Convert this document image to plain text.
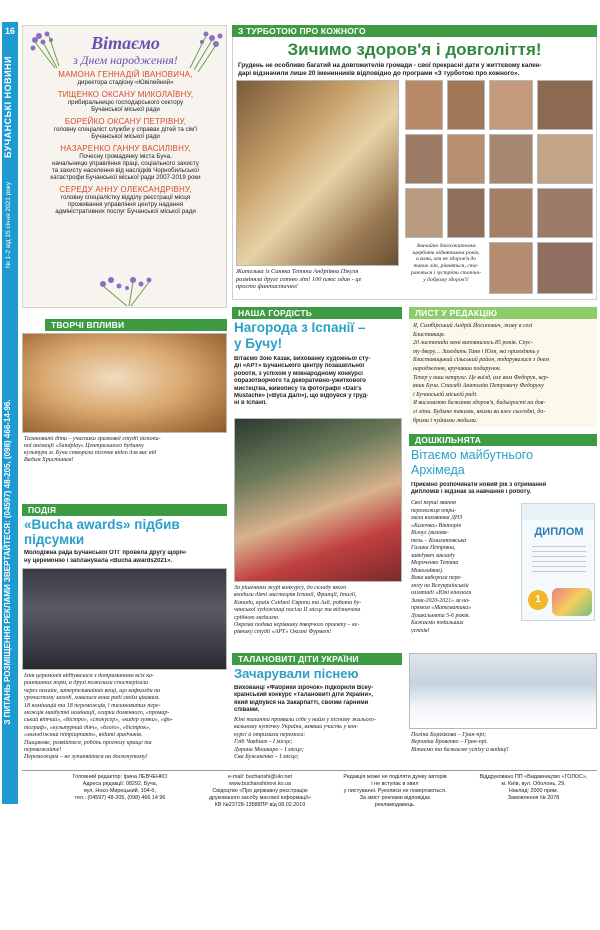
16
БУЧАНСЬКІ НОВИНИ
№ 1-2 від 15 січня 2021 року
З ПИТАНЬ РОЗМІЩЕННЯ РЕКЛАМИ ЗВЕРТАЙТЕСЯ: (04597) 48-205, (098) 466-14-96.
Вітаємо
з Днем народження!
МАМОНА ГЕННАДІЙ ІВАНОВИЧА,
директора стадіону «Ювілейний»
ТИЩЕНКО ОКСАНУ МИКОЛАЇВНУ,
прибиральницю господарського сектору
Бучанської міської ради
БОРЕЙКО ОКСАНУ ПЕТРІВНУ,
головну спеціаліст служби у справах дітей та сім'ї
Бучанської міської ради
НАЗАРЕНКО ГАННУ ВАСИЛІВНУ,
Почесну громадянку міста Буча,
начальницю управління праці, соціального захисту
та захисту населення від наслідків Чорнобильської
катастрофи Бучанської міської ради 2007-2019 роки
СЕРЕДУ АННУ ОЛЕКСАНДРІВНУ,
головну спеціалістку відділу реєстрації місця
проживання управління центру надання
адміністративних послуг Бучанської міської ради
З ТУРБОТОЮ ПРО КОЖНОГО
Зичимо здоров'я і довголіття!
Грудень не особливо багатий на довгожителів громади - свої прекрасні дати у життєвому кален-
дарі відзначили лише 20 іменинників відповідно до програми «З турботою про кожного».
Жителька із Синяка Тетяна Андріївна Пікуля
розміняла друге сотню літ! 100 плюс один - це
просто фантастично!
Звичайно довгожителям
щербати віднятимем років,
а вони, хоч не здоров'я до
таких літ, рівняться, ста-
раються і зустріти стопічч-
у доброму здоров'ї!
ТВОРЧІ ВПЛИВИ
Талановиті діти – учасники зразкової студії піскопи-
ної анімації «Sandplay» Центрального будинку
культури м. Буча створили пісочне відео для вас від
Вадим Христиним!
ПОДІЯ
«Bucha awards» підбив
підсумки
Молодіжна рада Бучанської ОТГ провела другу щоріч-
ну церемонію і запланувала «Bucha awards2021».
Іхня церемонія відбувалася з дотриманням всіх ка-
рантинних норм, а друзі пожелали спостерігали
через онлайн, затерпеливийних вещі, що кафкалди на
урочистому заході, ховалися вона раді своїм цікавим.
18 номінацій та 18 переможців, ї талановитих пере-
можців майбутні номінації, огарки доменного, «промар-
ський вітчий», «бістро», «спокусер», «кидер зумки», «фо-
тограф», «культурний діяч», «блоґо», «бістрок»,
«молодіжний пітріарпакт», відаті зрадчиків.
Пищакове, розвійтеся, робіть прогнозу краще та
переважайте!
Переможцям – не зупиняйтеся на досягнутому!
НАША ГОРДІСТЬ
Нагорода з Іспанії –
у Бучу!
Вітаємо Зою Казак, вихованку художньої сту-
дії «АРТ» Бучанського центру позашкільної
роботи, з успіхом у міжнародному конкурсі
образотворчого та декоративно-ужиткового
мистецтва, живопису та фотографії «Dali's
Mustache» («Вуса Далі»), що відбувся у груд-
ні в Іспанії.
За рішенням журі конкурсу, до складу якого
входили діячі мистецтв Іспанії, Франції, Італії,
Канади, країн Східної Європи та Азії, робота бу-
чанської художниці посіла II місце та відзначена
срібною медаллю.
Окрема подяка керівнику творчого проекту – ке-
рівнику студії «АРТ» Оксані Фурмет!
ЛИСТ У РЕДАКЦІЮ
Я, Симбірський Андрій Йосипович, живу в селі
Блиставиця.
20 листопада мені виповнилось 85 років. Спус-
ту дверу… Заходить Таня і Юля, які приходять у
Блиставицький сільський район, подарувалися з днем
народження, вручивши подарунок.
Тепер у наш нетрухе. Це виїзд, але вам Федорук, кер-
вник Буча. Спасибі Анатолію Петровичу Федоруку
і Бучанській міській раді.
Я висловлюю бажання здоров'я, бадьорості на дов-
гі літа. Будьте такими, якими ви вже сьогодні, до-
брими і чуйними людьми.
ДОШКІЛЬНЯТА
Вітаємо майбутнього
Архімеда
Приємно розпочинати новий рік з отримання
дипломів і відзнак за навчання і роботу.
Свої перші звання
переможця отри-
мала вихованка ДНЗ
«Казочка» Вікторія
Вілоус (вихова-
тель – Кошлатовська
Галина Петрівна,
завідувач закладу
Мороченко Тетяна
Миколаївна).
Вона виборола пере-
могу на Всеукраїнській
олімпіаді «Юні кінологи
Зима-2020-2021» за на-
прямом «Математика»
Дошкільнята 5-6 років.
Бажаємо подальших
успіхів!
ДИПЛОМ
1
ТАЛАНОВИТІ ДІТИ УКРАЇНИ
Зачарували піснею
Вихованці «Фабрики зірочок» підкорили Всеу-
країнський конкурс «Талановиті діти України»,
який відбувся на Закарпатті, своїми гарними
співами.
Юні таланти проявили себе у найм у пісному жалього-
вальному куточку України, взявши участь у кон-
курсі й отримали перемоги:
Гліб Чакбаєв – І місце;
Дарина Мошкаро – І місце;
Єва Бужакенко – І місце;
Поліна Борейкова – Гран-прі;
Вероніка Бровенко – Гран-прі.
Вітаємо та бажаємо успіху й вадаці!
Головний редактор: Ірина ЛЕВЧЕНКО
Адреса редакції: 08292, Буча,
вул. Ноєо-Мирецький, 104-б,
тел.: (04597) 48-205, (098) 466 14 96
e-mail: buchanshi@ukr.net
www.buchanshinovi.ko.ua
Свідоцтво «Про державну реєстрацію
друкованого засобу масової інформації»
КВ №23728-13588ПР від 08.02.2019
Редакція може не поділяти думку авторів
і не вступає в хвил
у листуванні. Рукописи не повертаються.
За зміст реклами відповідає
рекламодавець.
Віддруковано ПП «Видавництво «ГОЛОС»,
м. Київ, вул. Оболонь, 29.
Наклад: 2000 прим.
Замовлення № 2078
